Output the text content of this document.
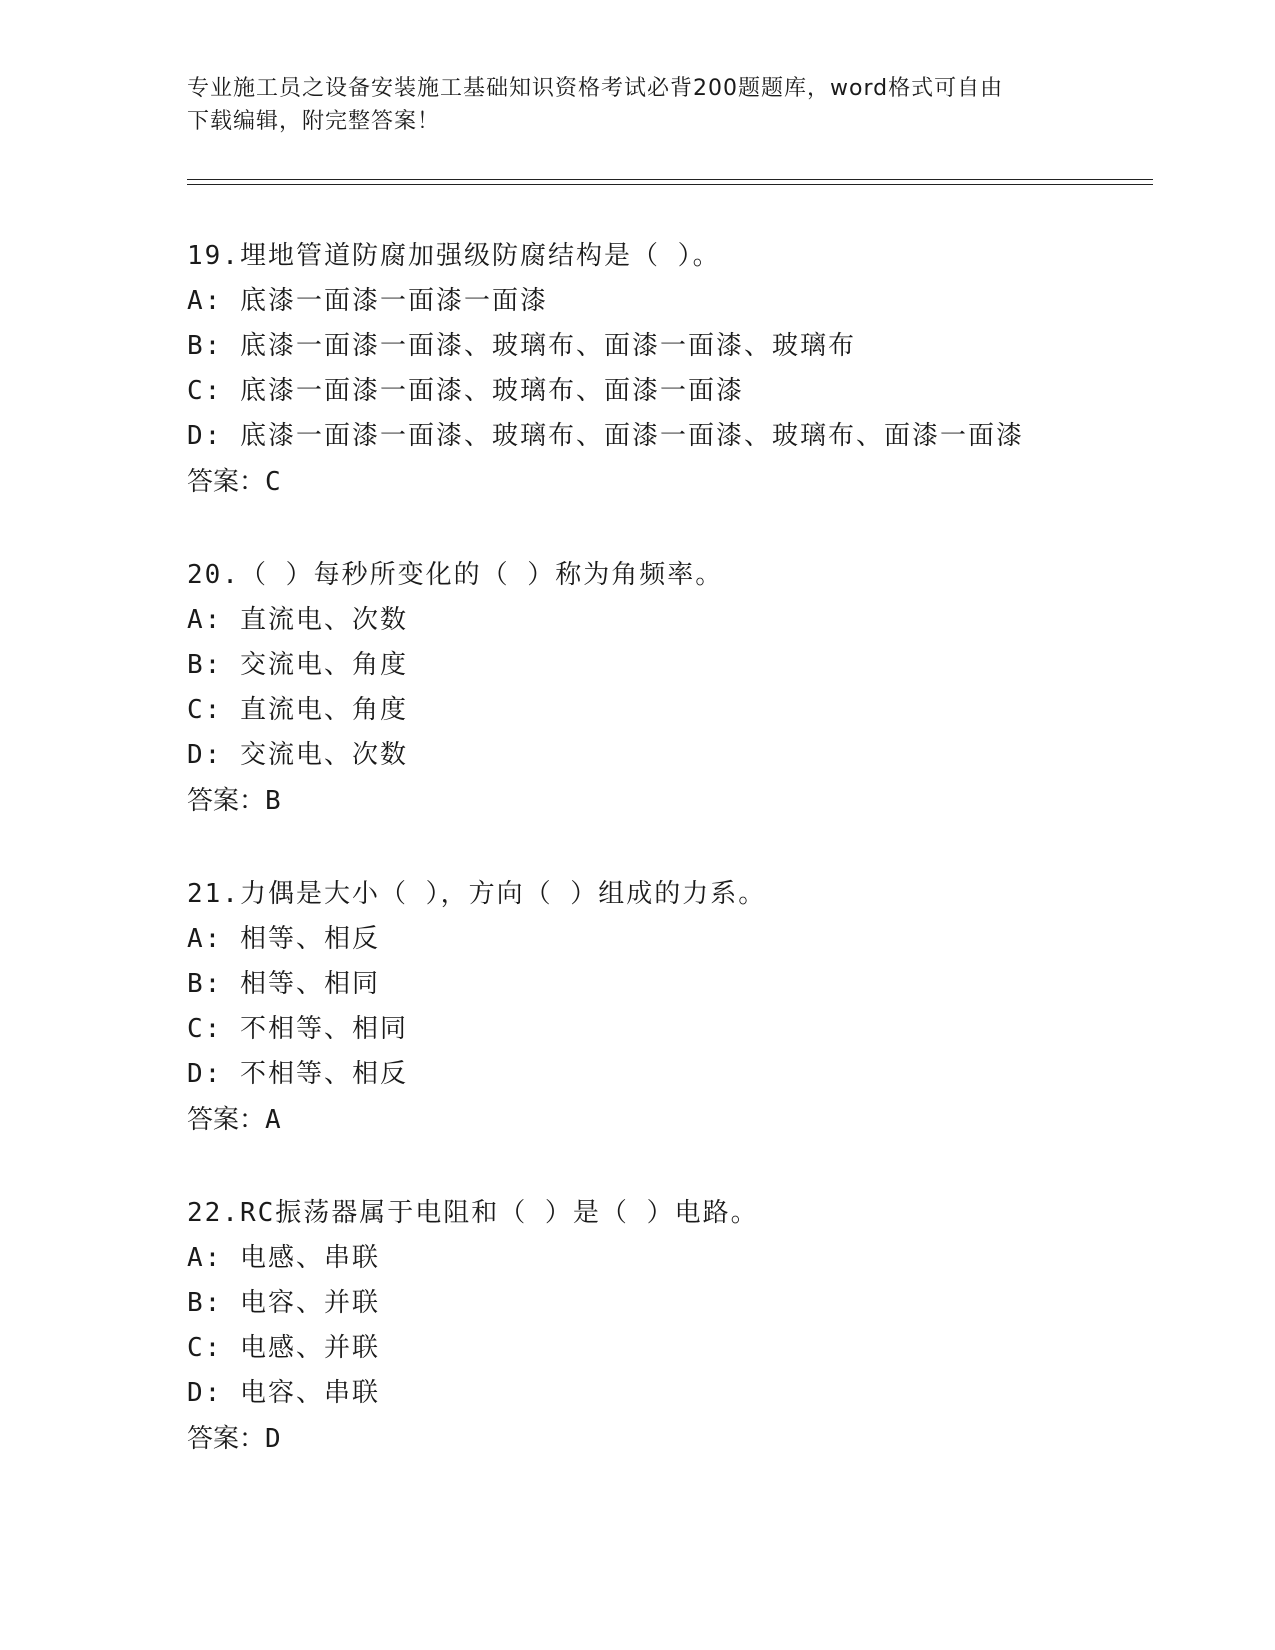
专业施工员之设备安装施工基础知识资格考试必背200题题库，word格式可自由
下载编辑，附完整答案！
19.埋地管道防腐加强级防腐结构是（ ）。
A: 底漆一面漆一面漆一面漆
B: 底漆一面漆一面漆、玻璃布、面漆一面漆、玻璃布
C: 底漆一面漆一面漆、玻璃布、面漆一面漆
D: 底漆一面漆一面漆、玻璃布、面漆一面漆、玻璃布、面漆一面漆
答案：C
20.（ ）每秒所变化的（ ）称为角频率。
A: 直流电、次数
B: 交流电、角度
C: 直流电、角度
D: 交流电、次数
答案：B
21.力偶是大小（ ），方向（ ）组成的力系。
A: 相等、相反
B: 相等、相同
C: 不相等、相同
D: 不相等、相反
答案：A
22.RC振荡器属于电阻和（ ）是（ ）电路。
A: 电感、串联
B: 电容、并联
C: 电感、并联
D: 电容、串联
答案：D
